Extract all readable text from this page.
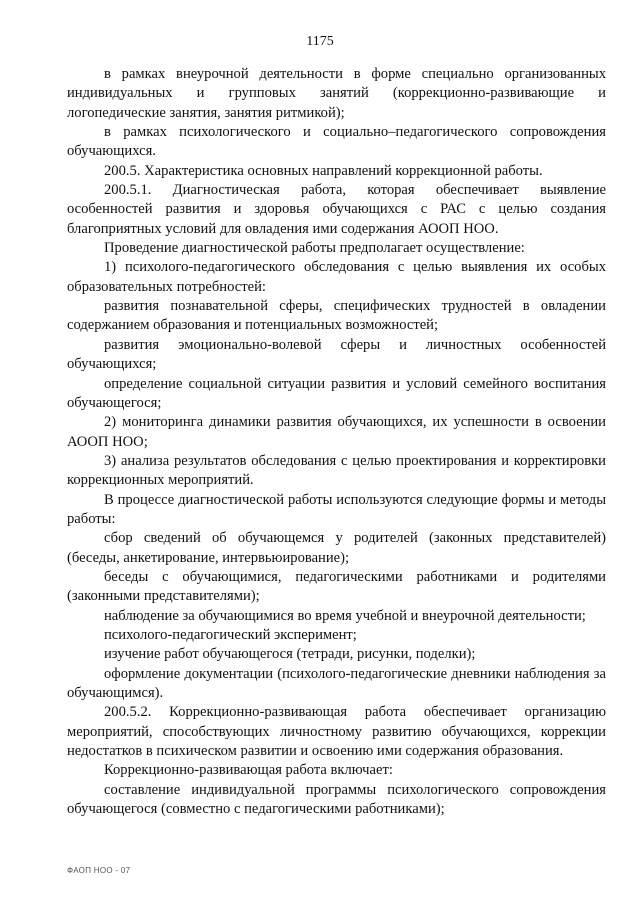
1175

в рамках внеурочной деятельности в форме специально организованных индивидуальных и групповых занятий (коррекционно-развивающие и логопедические занятия, занятия ритмикой);

в рамках психологического и социально–педагогического сопровождения обучающихся.

200.5. Характеристика основных направлений коррекционной работы.

200.5.1. Диагностическая работа, которая обеспечивает выявление особенностей развития и здоровья обучающихся с РАС с целью создания благоприятных условий для овладения ими содержания АООП НОО.

Проведение диагностической работы предполагает осуществление:

1) психолого-педагогического обследования с целью выявления их особых образовательных потребностей:

развития познавательной сферы, специфических трудностей в овладении содержанием образования и потенциальных возможностей;

развития эмоционально-волевой сферы и личностных особенностей обучающихся;

определение социальной ситуации развития и условий семейного воспитания обучающегося;

2) мониторинга динамики развития обучающихся, их успешности в освоении АООП НОО;

3) анализа результатов обследования с целью проектирования и корректировки коррекционных мероприятий.

В процессе диагностической работы используются следующие формы и методы работы:

сбор сведений об обучающемся у родителей (законных представителей) (беседы, анкетирование, интервьюирование);

беседы с обучающимися, педагогическими работниками и родителями (законными представителями);

наблюдение за обучающимися во время учебной и внеурочной деятельности;

психолого-педагогический эксперимент;

изучение работ обучающегося (тетради, рисунки, поделки);

оформление документации (психолого-педагогические дневники наблюдения за обучающимся).

200.5.2. Коррекционно-развивающая работа обеспечивает организацию мероприятий, способствующих личностному развитию обучающихся, коррекции недостатков в психическом развитии и освоению ими содержания образования.

Коррекционно-развивающая работа включает:

составление индивидуальной программы психологического сопровождения обучающегося (совместно с педагогическими работниками);

ФАОП НОО - 07
